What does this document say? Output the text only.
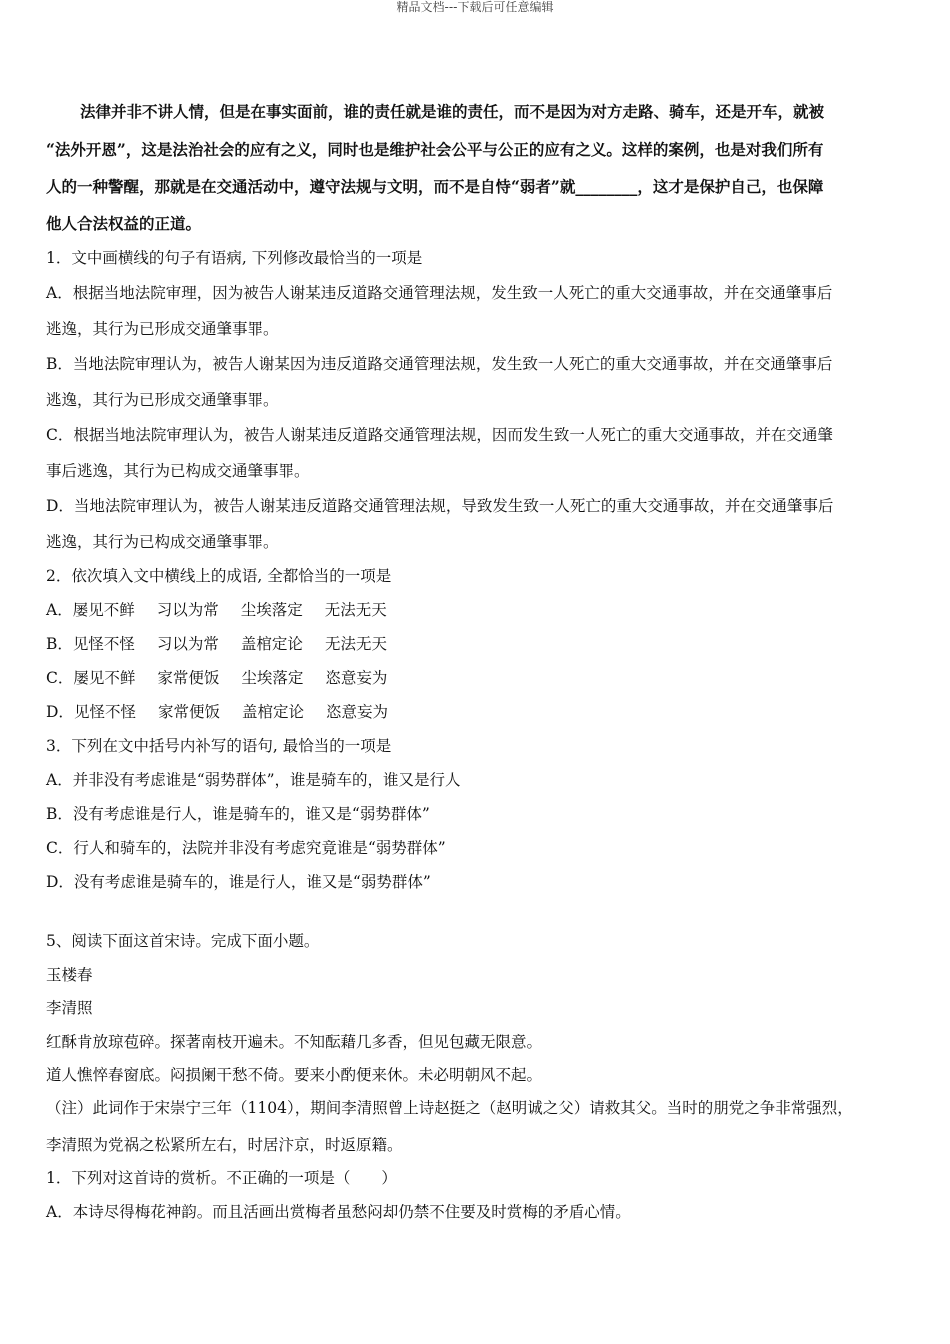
精品文档---下载后可任意编辑
法律并非不讲人情，但是在事实面前，谁的责任就是谁的责任，而不是因为对方走路、骑车，还是开车，就被
“法外开恩”，这是法治社会的应有之义，同时也是维护社会公平与公正的应有之义。这样的案例，也是对我们所有
人的一种警醒，那就是在交通活动中，遵守法规与文明，而不是自恃“弱者”就________，这才是保护自己，也保障
他人合法权益的正道。
1．文中画横线的句子有语病, 下列修改最恰当的一项是
A．根据当地法院审理，因为被告人谢某违反道路交通管理法规，发生致一人死亡的重大交通事故，并在交通肇事后
逃逸，其行为已形成交通肇事罪。
B．当地法院审理认为，被告人谢某因为违反道路交通管理法规，发生致一人死亡的重大交通事故，并在交通肇事后
逃逸，其行为已形成交通肇事罪。
C．根据当地法院审理认为，被告人谢某违反道路交通管理法规，因而发生致一人死亡的重大交通事故，并在交通肇
事后逃逸，其行为已构成交通肇事罪。
D．当地法院审理认为，被告人谢某违反道路交通管理法规，导致发生致一人死亡的重大交通事故，并在交通肇事后
逃逸，其行为已构成交通肇事罪。
2．依次填入文中横线上的成语, 全都恰当的一项是
A．屡见不鲜 习以为常 尘埃落定 无法无天
B．见怪不怪 习以为常 盖棺定论 无法无天
C．屡见不鲜 家常便饭 尘埃落定 恣意妄为
D．见怪不怪 家常便饭 盖棺定论 恣意妄为
3．下列在文中括号内补写的语句, 最恰当的一项是
A．并非没有考虑谁是“弱势群体”，谁是骑车的，谁又是行人
B．没有考虑谁是行人，谁是骑车的，谁又是“弱势群体”
C．行人和骑车的，法院并非没有考虑究竟谁是“弱势群体”
D．没有考虑谁是骑车的，谁是行人，谁又是“弱势群体”
5、阅读下面这首宋诗。完成下面小题。
玉楼春
李清照
红酥肯放琼苞碎。探著南枝开遍未。不知酝藉几多香，但见包藏无限意。
道人憔悴春窗底。闷损阑干愁不倚。要来小酌便来休。未必明朝风不起。
（注）此词作于宋崇宁三年（1104），期间李清照曾上诗赵挺之（赵明诚之父）请救其父。当时的朋党之争非常强烈，
李清照为党祸之松紧所左右，时居汴京，时返原籍。
1．下列对这首诗的赏析。不正确的一项是（　　）
A．本诗尽得梅花神韵。而且活画出赏梅者虽愁闷却仍禁不住要及时赏梅的矛盾心情。
